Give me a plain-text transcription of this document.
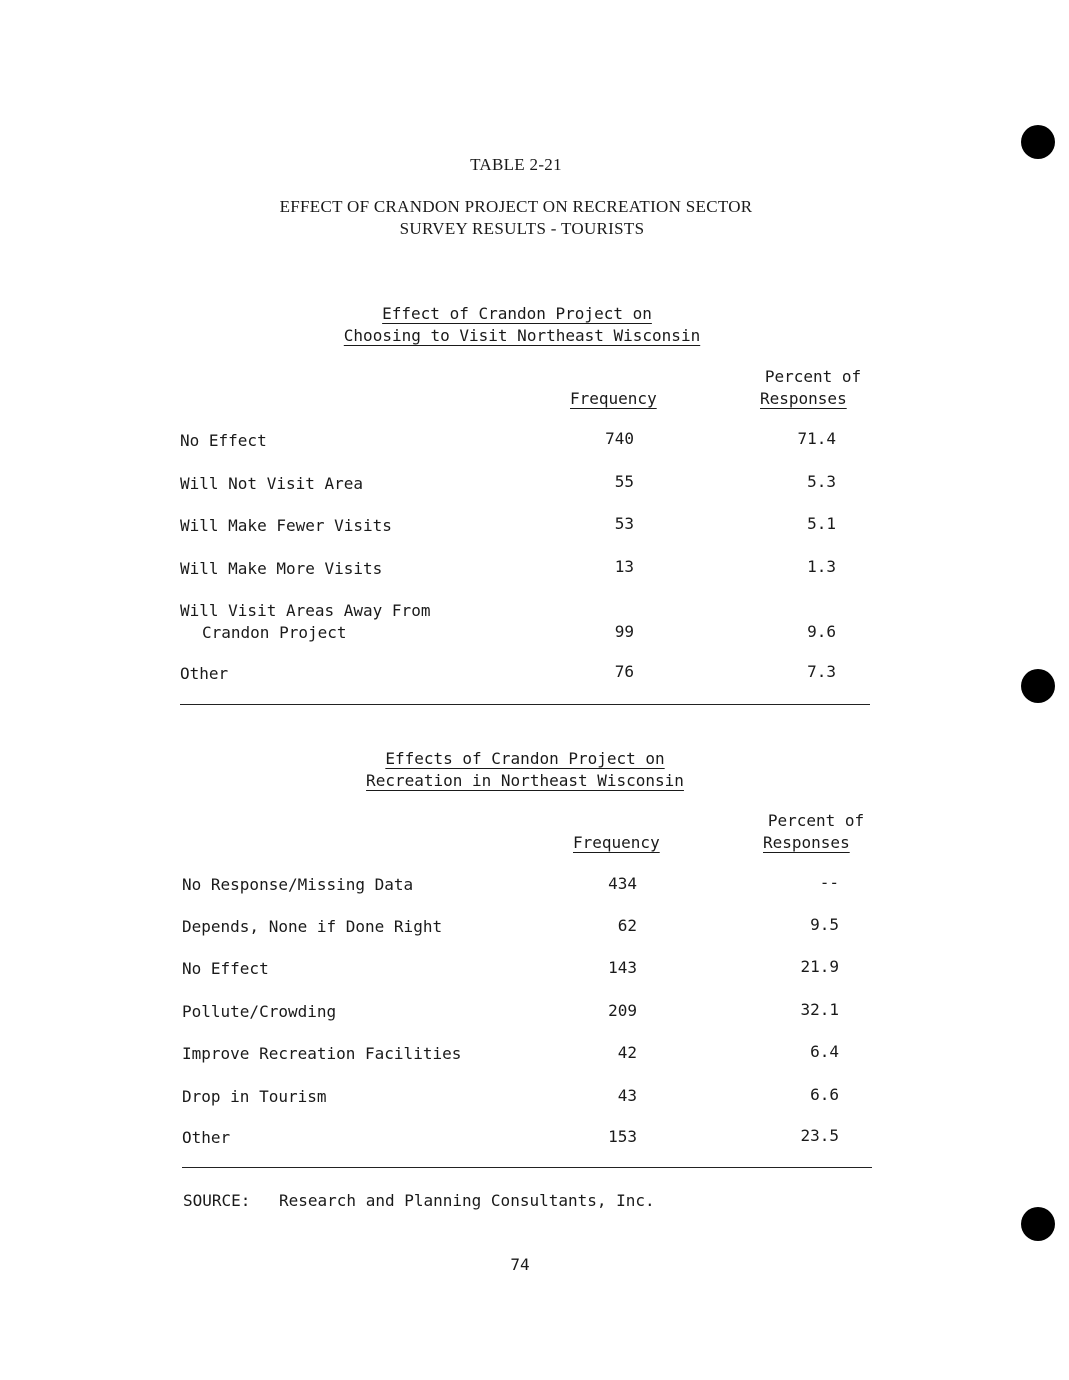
TABLE 2-21
EFFECT OF CRANDON PROJECT ON RECREATION SECTOR
SURVEY RESULTS - TOURISTS
Effect of Crandon Project on
Choosing to Visit Northeast Wisconsin
Percent of
Frequency	Responses
No Effect	740	71.4
Will Not Visit Area	55	5.3
Will Make Fewer Visits	53	5.1
Will Make More Visits	13	1.3
Will Visit Areas Away From
Crandon Project	99	9.6
Other	76	7.3
Effects of Crandon Project on
Recreation in Northeast Wisconsin
Percent of
Frequency	Responses
No Response/Missing Data	434	--
Depends, None if Done Right	62	9.5
No Effect	143	21.9
Pollute/Crowding	209	32.1
Improve Recreation Facilities	42	6.4
Drop in Tourism	43	6.6
Other	153	23.5
SOURCE: Research and Planning Consultants, Inc.
74
